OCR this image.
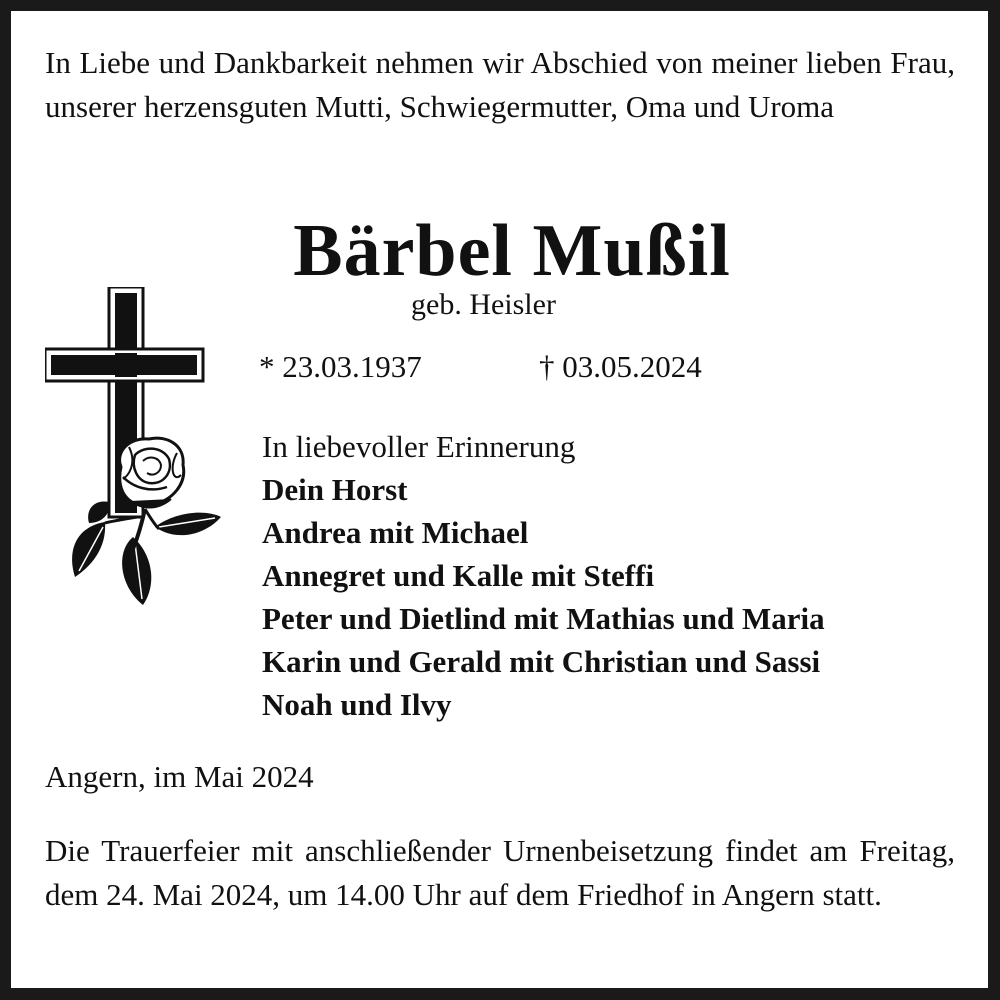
In Liebe und Dankbarkeit nehmen wir Abschied von meiner lieben Frau, unserer herzensguten Mutti, Schwiegermutter, Oma und Uroma

Bärbel Mußil
geb. Heisler
* 23.03.1937	† 03.05.2024
In liebevoller Erinnerung
Dein Horst
Andrea mit Michael
Annegret und Kalle mit Steffi
Peter und Dietlind mit Mathias und Maria
Karin und Gerald mit Christian und Sassi
Noah und Ilvy
Angern, im Mai 2024

Die Trauerfeier mit anschließender Urnenbeisetzung findet am Freitag, dem 24. Mai 2024, um 14.00 Uhr auf dem Friedhof in Angern statt.
